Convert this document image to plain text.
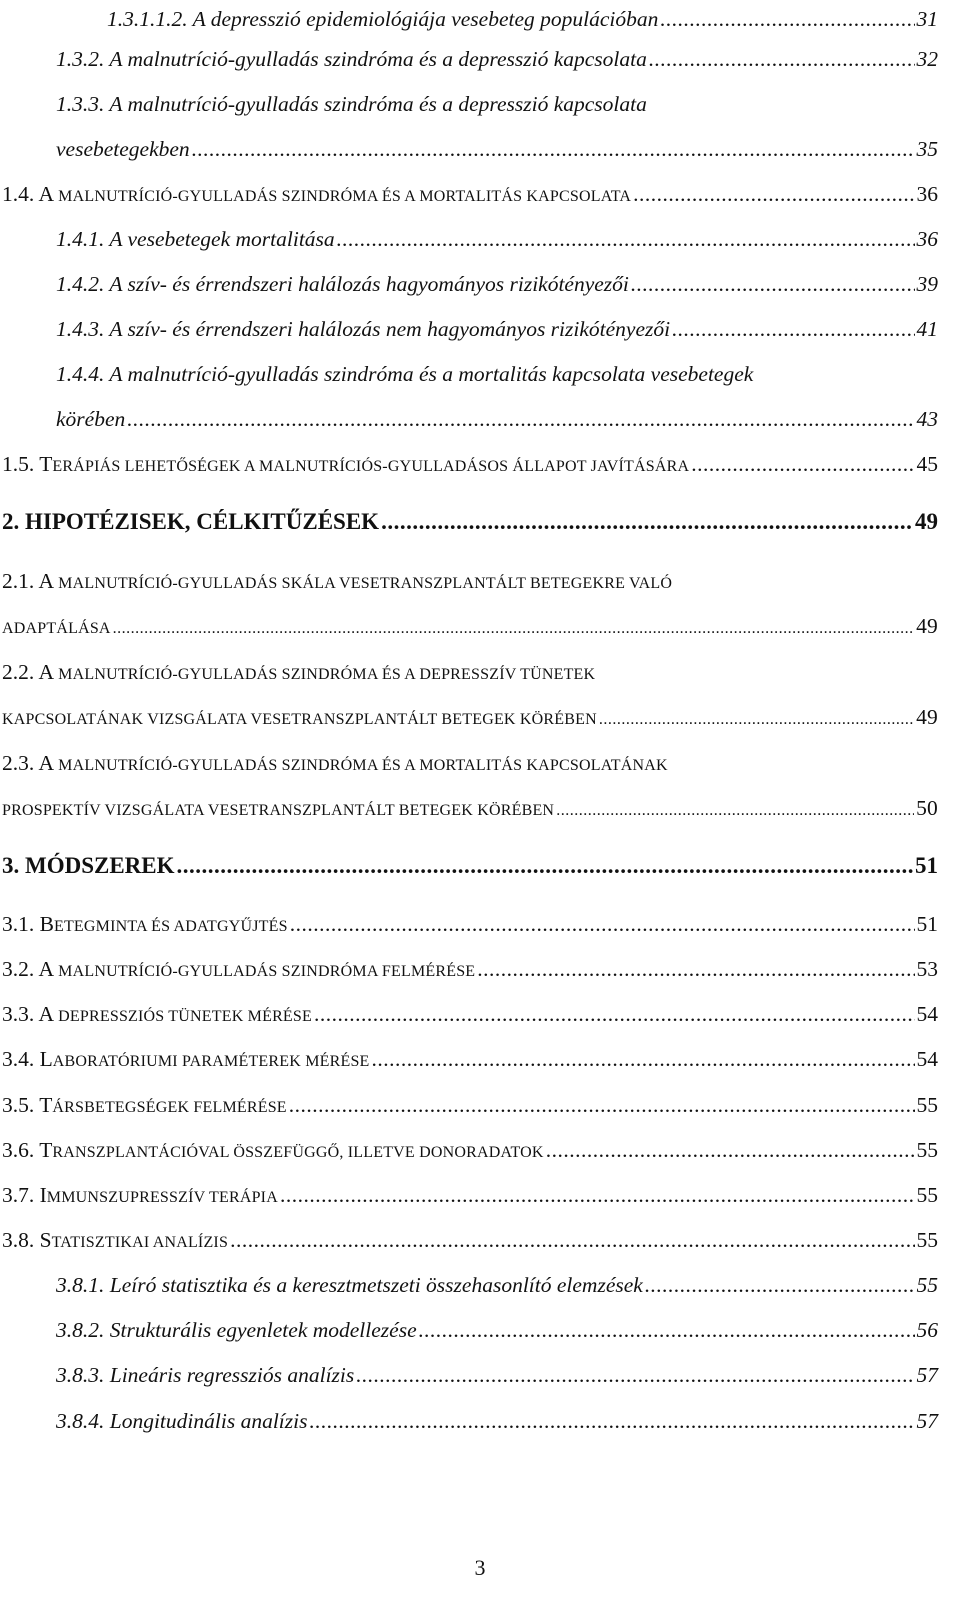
1.3.1.1.2. A depresszió epidemiológiája vesebeteg populációban .....	31
1.3.2. A malnutríció-gyulladás szindróma és a depresszió kapcsolata .....	32
1.3.3. A malnutríció-gyulladás szindróma és a depresszió kapcsolata
vesebetegekben .....	35
1.4. A MALNUTRÍCIÓ-GYULLADÁS SZINDRÓMA ÉS A MORTALITÁS KAPCSOLATA .....	36
1.4.1. A vesebetegek mortalitása .....	36
1.4.2. A szív- és érrendszeri halálozás hagyományos rizikótényezői .....	39
1.4.3. A szív- és érrendszeri halálozás nem hagyományos rizikótényezői .....	41
1.4.4. A malnutríció-gyulladás szindróma és a mortalitás kapcsolata vesebetegek
körében .....	43
1.5. TERÁPIÁS LEHETŐSÉGEK A MALNUTRÍCIÓS-GYULLADÁSOS ÁLLAPOT JAVÍTÁSÁRA .....	45
2. HIPOTÉZISEK, CÉLKITŰZÉSEK .....	49
2.1. A MALNUTRÍCIÓ-GYULLADÁS SKÁLA VESETRANSZPLANTÁLT BETEGEKRE VALÓ
ADAPTÁLÁSA .....	49
2.2. A MALNUTRÍCIÓ-GYULLADÁS SZINDRÓMA ÉS A DEPRESSZÍV TÜNETEK
KAPCSOLATÁNAK VIZSGÁLATA VESETRANSZPLANTÁLT BETEGEK KÖRÉBEN .....	49
2.3. A MALNUTRÍCIÓ-GYULLADÁS SZINDRÓMA ÉS A MORTALITÁS KAPCSOLATÁNAK
PROSPEKTÍV VIZSGÁLATA VESETRANSZPLANTÁLT BETEGEK KÖRÉBEN .....	50
3. MÓDSZEREK .....	51
3.1. BETEGMINTA ÉS ADATGYŰJTÉS .....	51
3.2. A MALNUTRÍCIÓ-GYULLADÁS SZINDRÓMA FELMÉRÉSE .....	53
3.3. A DEPRESSZIÓS TÜNETEK MÉRÉSE .....	54
3.4. LABORATÓRIUMI PARAMÉTEREK MÉRÉSE .....	54
3.5. TÁRSBETEGSÉGEK FELMÉRÉSE .....	55
3.6. TRANSZPLANTÁCIÓVAL ÖSSZEFÜGGŐ, ILLETVE DONORADATOK .....	55
3.7. IMMUNSZUPRESSZÍV TERÁPIA .....	55
3.8. STATISZTIKAI ANALÍZIS .....	55
3.8.1. Leíró statisztika és a keresztmetszeti összehasonlító elemzések .....	55
3.8.2. Strukturális egyenletek modellezése .....	56
3.8.3. Lineáris regressziós analízis .....	57
3.8.4. Longitudinális analízis .....	57
3
